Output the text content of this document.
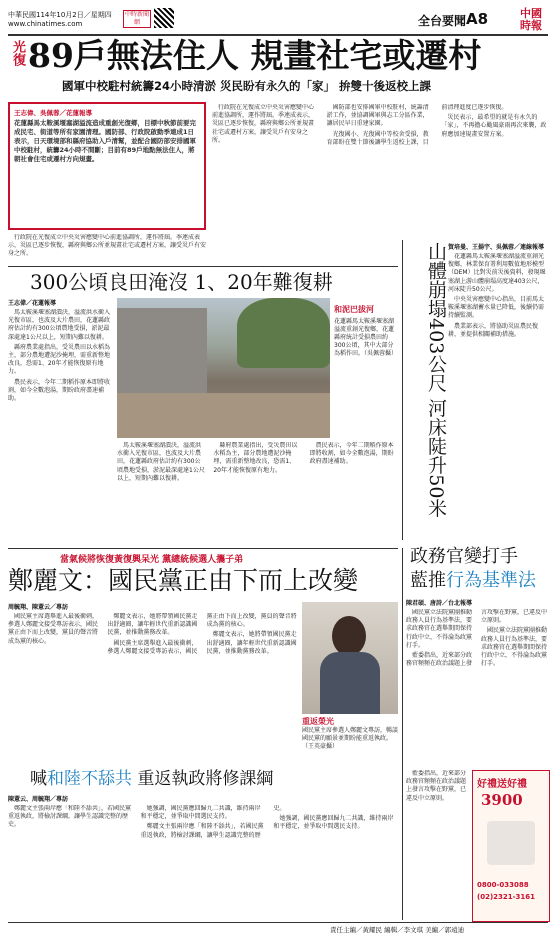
中華民國114年10月2日／星期四
www.chinatimes.com
中時新聞網	全台要聞 A8	中國時報
光復 89戶無法住人 規畫社宅或遷村
國軍中校駐村統籌24小時清淤 災民盼有永久的「家」 拚雙十後返校上課
王志偉、吳佩蓉／花蓮報導
花蓮縣馬太鞍溪堰塞湖溢流造成重創光復鄉，目標中秋節前要完成民宅、街道等所有家園清理。國防部、行政院啟動季連成1日表示，日天環境部和縣府協助入戶清幫，並配合國防部安排國軍中校駐村，統籌24小時不間斷；目前有89戶地點無法住人，將朝社會住宅或遷村方向規畫。

行政院在光復成立中央災害應變中心前進協調所，運作將屆。季連成表示，災區已逐步恢復，縣府與鄉公所並規畫社宅或遷村方案，讓受災戶有安身之所。

國防部也安排國軍中校駐村，統籌清淤工作，並協調國軍與志工分區作業，讓居民早日重建家園。

光復國小、光復國中等校舍受損，教育部盼在雙十節後讓學生返校上課，目前清理進度已逐步恢復。

災民表示，最希望的就是有永久的「家」，不再擔心颱風豪雨再次來襲，政府應加速規畫安置方案。

行政院在光復成立中央災害應變中心前進協調所，運作將屆。季連成表示，災區已逐步恢復，縣府與鄉公所並規畫社宅或遷村方案，讓受災戶有安身之所。

300公頃良田淹沒 1、20年難復耕
王志偉／花蓮報導

馬太鞍溪堰塞湖潰決，溢流洪水衝入光復市區，也波及大片農田，花蓮縣政府估計約有300公頃農地受損，淤泥最深處達1公尺以上，短期內難以復耕。

縣府農業處指出，受災農田以水稻為主，部分農地遭泥沙掩埋，需重新整地改良，恐需1、20年才能恢復原有地力。

農民表示，今年二期稻作原本即將收割，如今全數泡湯，期盼政府盡速補助。

和泥巴拔河
花蓮縣馬太鞍溪堰塞湖溢流重創光復鄉，花蓮縣府統計受損農田約300公頃，其中大部分為稻作田。（吳佩蓉攝）

馬太鞍溪堰塞湖潰決，溢流洪水衝入光復市區，也波及大片農田，花蓮縣政府估計約有300公頃農地受損，淤泥最深處達1公尺以上，短期內難以復耕。

縣府農業處指出，受災農田以水稻為主，部分農地遭泥沙掩埋，需重新整地改良，恐需1、20年才能恢復原有地力。

農民表示，今年二期稻作原本即將收割，如今全數泡湯，期盼政府盡速補助。	山體崩塌403公尺 河床陡升50米 賀培曼、王揚宇、吳佩蓉／連線報導

花蓮縣馬太鞍溪堰塞湖溢流重創光復鄉，林業保育署利用數值地形模型（DEM）比對災前災後資料，發現堰塞湖上游山體崩塌高度達403公尺，河床陡升50公尺。

中央災害應變中心指出，目前馬太鞍溪堰塞湖蓄水量已降低，後續仍需持續監測。

農業部表示，將協助災區農民復耕，並提供相關補助措施。

當氣候將恢復黃復興呆光 黨總統候選人攜子弟
鄭麗文：國民黨正由下而上改變
周毓翔、陳薏云／專訪

國民黨主席選舉進入最後衝刺，參選人鄭麗文接受專訪表示，國民黨正由下而上改變，黨員的聲音將成為黨的核心。

鄭麗文表示，她將帶領國民黨走出舒適圈，讓年輕世代重新認識國民黨，並推動黨務改革。

國民黨主席選舉進入最後衝刺，參選人鄭麗文接受專訪表示，國民黨正由下而上改變，黨員的聲音將成為黨的核心。

鄭麗文表示，她將帶領國民黨走出舒適圈，讓年輕世代重新認識國民黨，並推動黨務改革。

重返榮光
國民黨主席參選人鄭麗文專訪，暢談國民黨的願景並期盼能重返執政。（王英豪攝）
喊和陸不舔共 重返執政將修課綱
陳薏云、周毓翔／專訪

鄭麗文主張兩岸應「和陸不舔共」，若國民黨重返執政，將檢討課綱，讓學生認識完整的歷史。

她強調，國民黨應回歸九二共識，維持兩岸和平穩定，並爭取中間選民支持。

鄭麗文主張兩岸應「和陸不舔共」，若國民黨重返執政，將檢討課綱，讓學生認識完整的歷史。

她強調，國民黨應回歸九二共識，維持兩岸和平穩定，並爭取中間選民支持。

政務官變打手
藍推行為基準法
陳君碩、唐詩／台北報導

國民黨立法院黨團推動政務人員行為基準法，要求政務官在選舉期間保持行政中立，不得淪為政黨打手。

藍委指出，近來部分政務官頻頻在政治議題上發言攻擊在野黨，已違反中立原則。

國民黨立法院黨團推動政務人員行為基準法，要求政務官在選舉期間保持行政中立，不得淪為政黨打手。

好禮送好禮
3900
0800-033088
(02)2321-3161

藍委指出，近來部分政務官頻頻在政治議題上發言攻擊在野黨，已違反中立原則。

責任主編／黃耀民 編輯／李文琪 美編／郭遠迪
